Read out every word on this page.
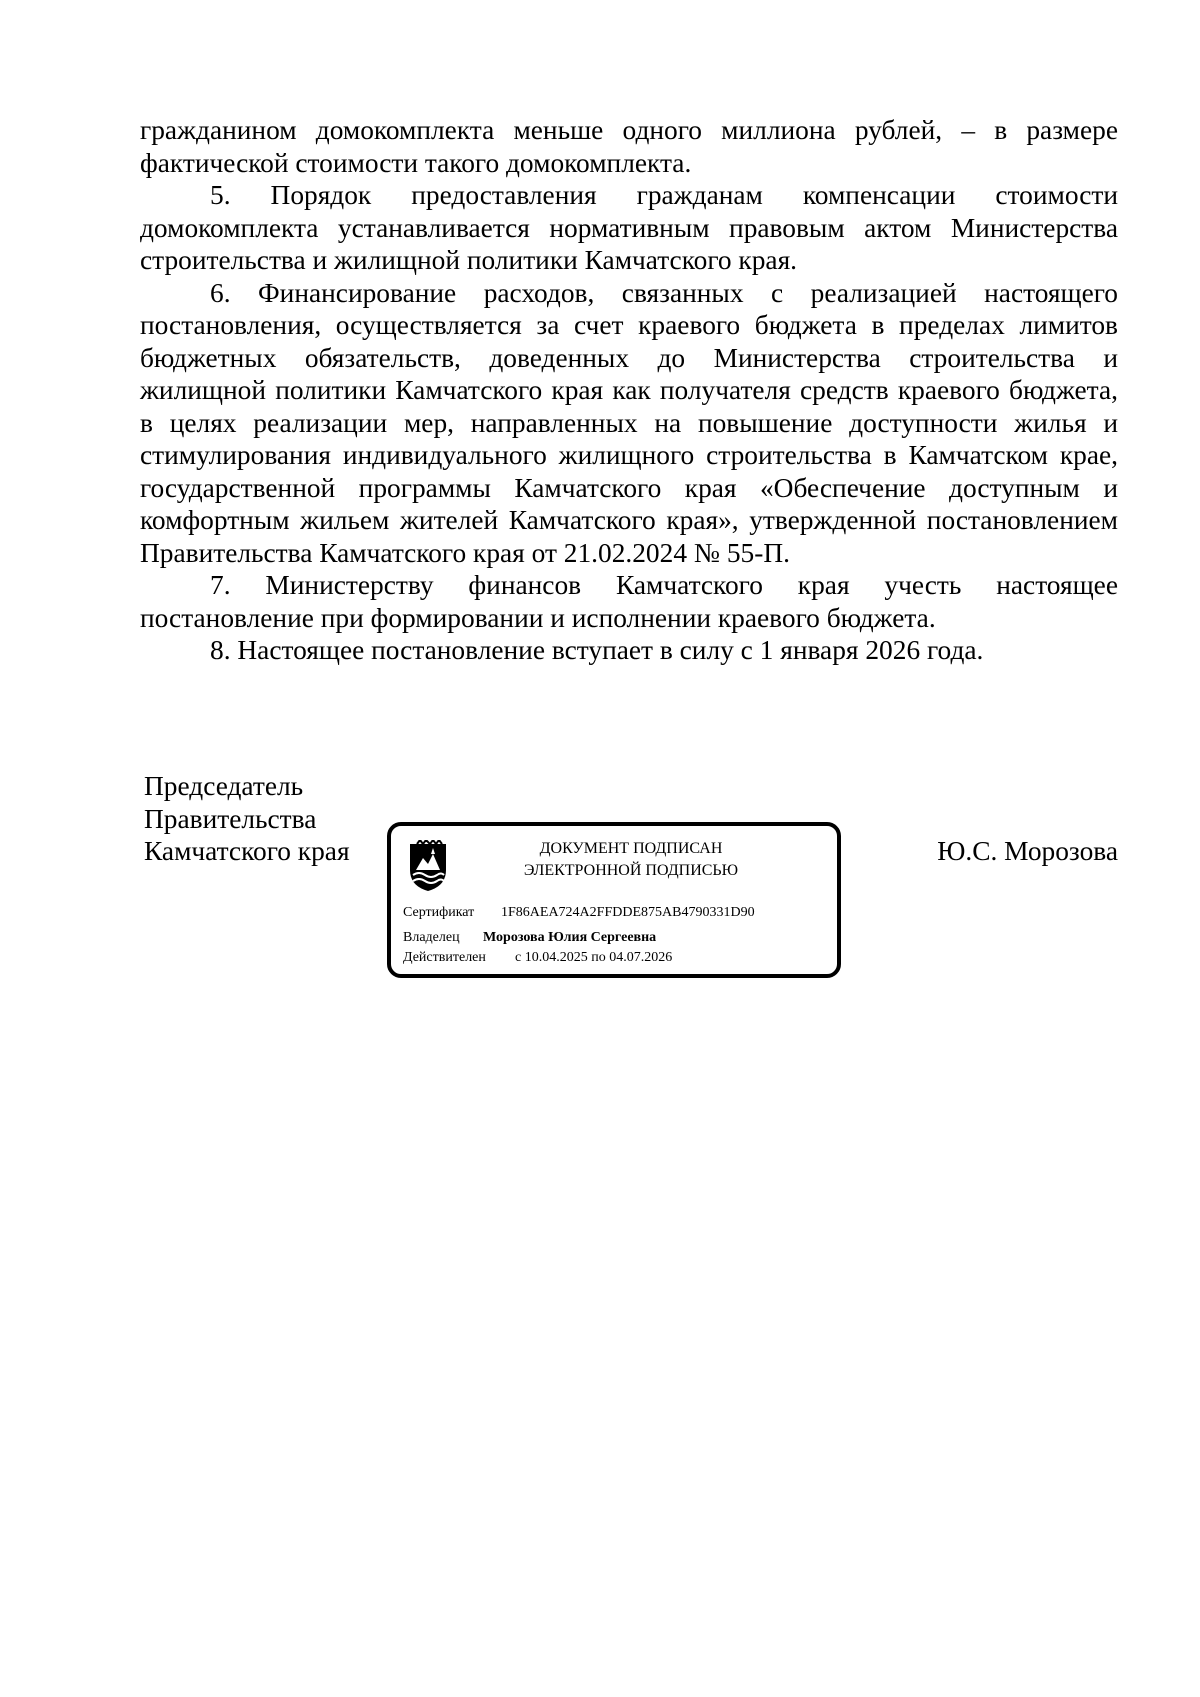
гражданином домокомплекта меньше одного миллиона рублей, – в размере фактической стоимости такого домокомплекта.

5. Порядок предоставления гражданам компенсации стоимости домокомплекта устанавливается нормативным правовым актом Министерства строительства и жилищной политики Камчатского края.

6. Финансирование расходов, связанных с реализацией настоящего постановления, осуществляется за счет краевого бюджета в пределах лимитов бюджетных обязательств, доведенных до Министерства строительства и жилищной политики Камчатского края как получателя средств краевого бюджета, в целях реализации мер, направленных на повышение доступности жилья и стимулирования индивидуального жилищного строительства в Камчатском крае, государственной программы Камчатского края «Обеспечение доступным и комфортным жильем жителей Камчатского края», утвержденной постановлением Правительства Камчатского края от 21.02.2024 № 55-П.

7. Министерству финансов Камчатского края учесть настоящее постановление при формировании и исполнении краевого бюджета.

8. Настоящее постановление вступает в силу с 1 января 2026 года.

Председатель
Правительства
Камчатского края	ДОКУМЕНТ ПОДПИСАН
ЭЛЕКТРОННОЙ ПОДПИСЬЮ
Сертификат 1F86AEA724A2FFDDE875AB4790331D90
Владелец Морозова Юлия Сергеевна
Действителен с 10.04.2025 по 04.07.2026
Ю.С. Морозова
